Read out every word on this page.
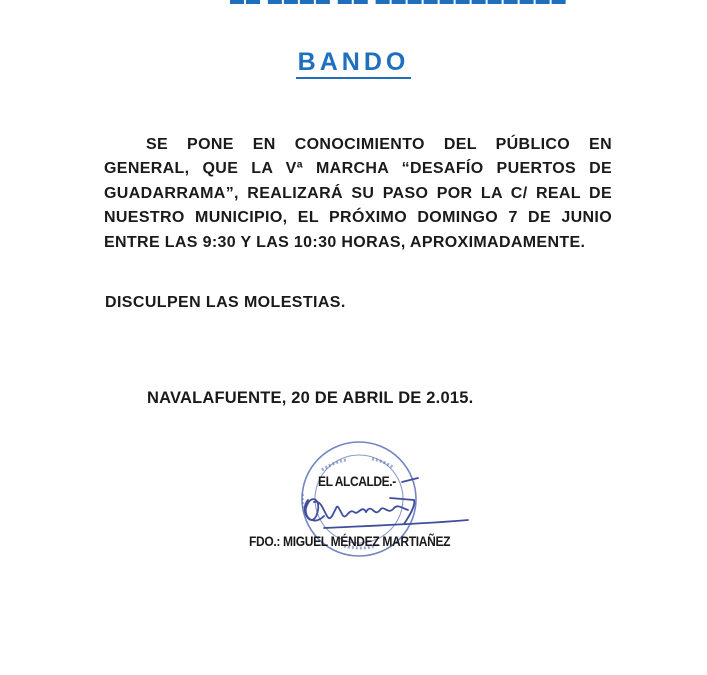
BANDO
SE PONE EN CONOCIMIENTO DEL PÚBLICO EN GENERAL, QUE LA Vª MARCHA “DESAFÍO PUERTOS DE GUADARRAMA”, REALIZARÁ SU PASO POR LA C/ REAL DE NUESTRO MUNICIPIO, EL PRÓXIMO DOMINGO 7 DE JUNIO ENTRE LAS 9:30 Y LAS 10:30 HORAS, APROXIMADAMENTE.
DISCULPEN LAS MOLESTIAS.
NAVALAFUENTE, 20 DE ABRIL DE 2.015.
EL ALCALDE.-
FDO.: MIGUEL MÉNDEZ MARTIAÑEZ
